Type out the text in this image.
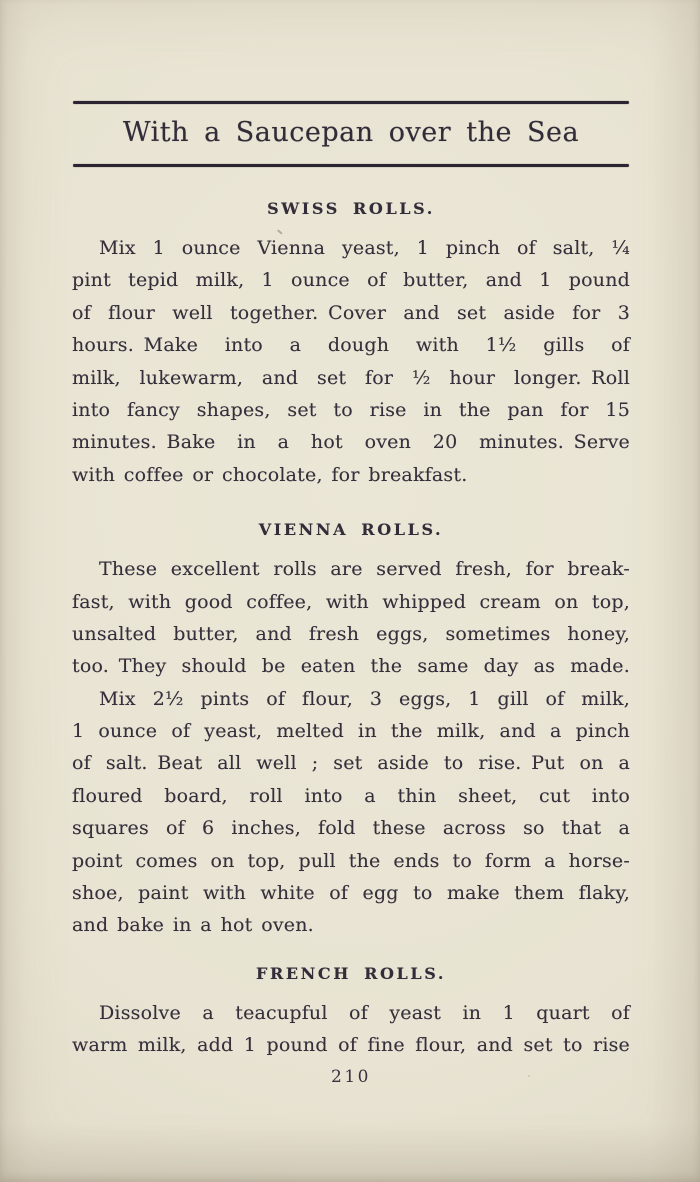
With a Saucepan over the Sea
SWISS ROLLS.
Mix 1 ounce Vienna yeast, 1 pinch of salt, ¼
pint tepid milk, 1 ounce of butter, and 1 pound
of flour well together. Cover and set aside for 3
hours. Make into a dough with 1½ gills of
milk, lukewarm, and set for ½ hour longer. Roll
into fancy shapes, set to rise in the pan for 15
minutes. Bake in a hot oven 20 minutes. Serve
with coffee or chocolate, for breakfast.
VIENNA ROLLS.
These excellent rolls are served fresh, for break-
fast, with good coffee, with whipped cream on top,
unsalted butter, and fresh eggs, sometimes honey,
too. They should be eaten the same day as made.
Mix 2½ pints of flour, 3 eggs, 1 gill of milk,
1 ounce of yeast, melted in the milk, and a pinch
of salt. Beat all well ; set aside to rise. Put on a
floured board, roll into a thin sheet, cut into
squares of 6 inches, fold these across so that a
point comes on top, pull the ends to form a horse-
shoe, paint with white of egg to make them flaky,
and bake in a hot oven.
FRENCH ROLLS.
Dissolve a teacupful of yeast in 1 quart of
warm milk, add 1 pound of fine flour, and set to rise
210
